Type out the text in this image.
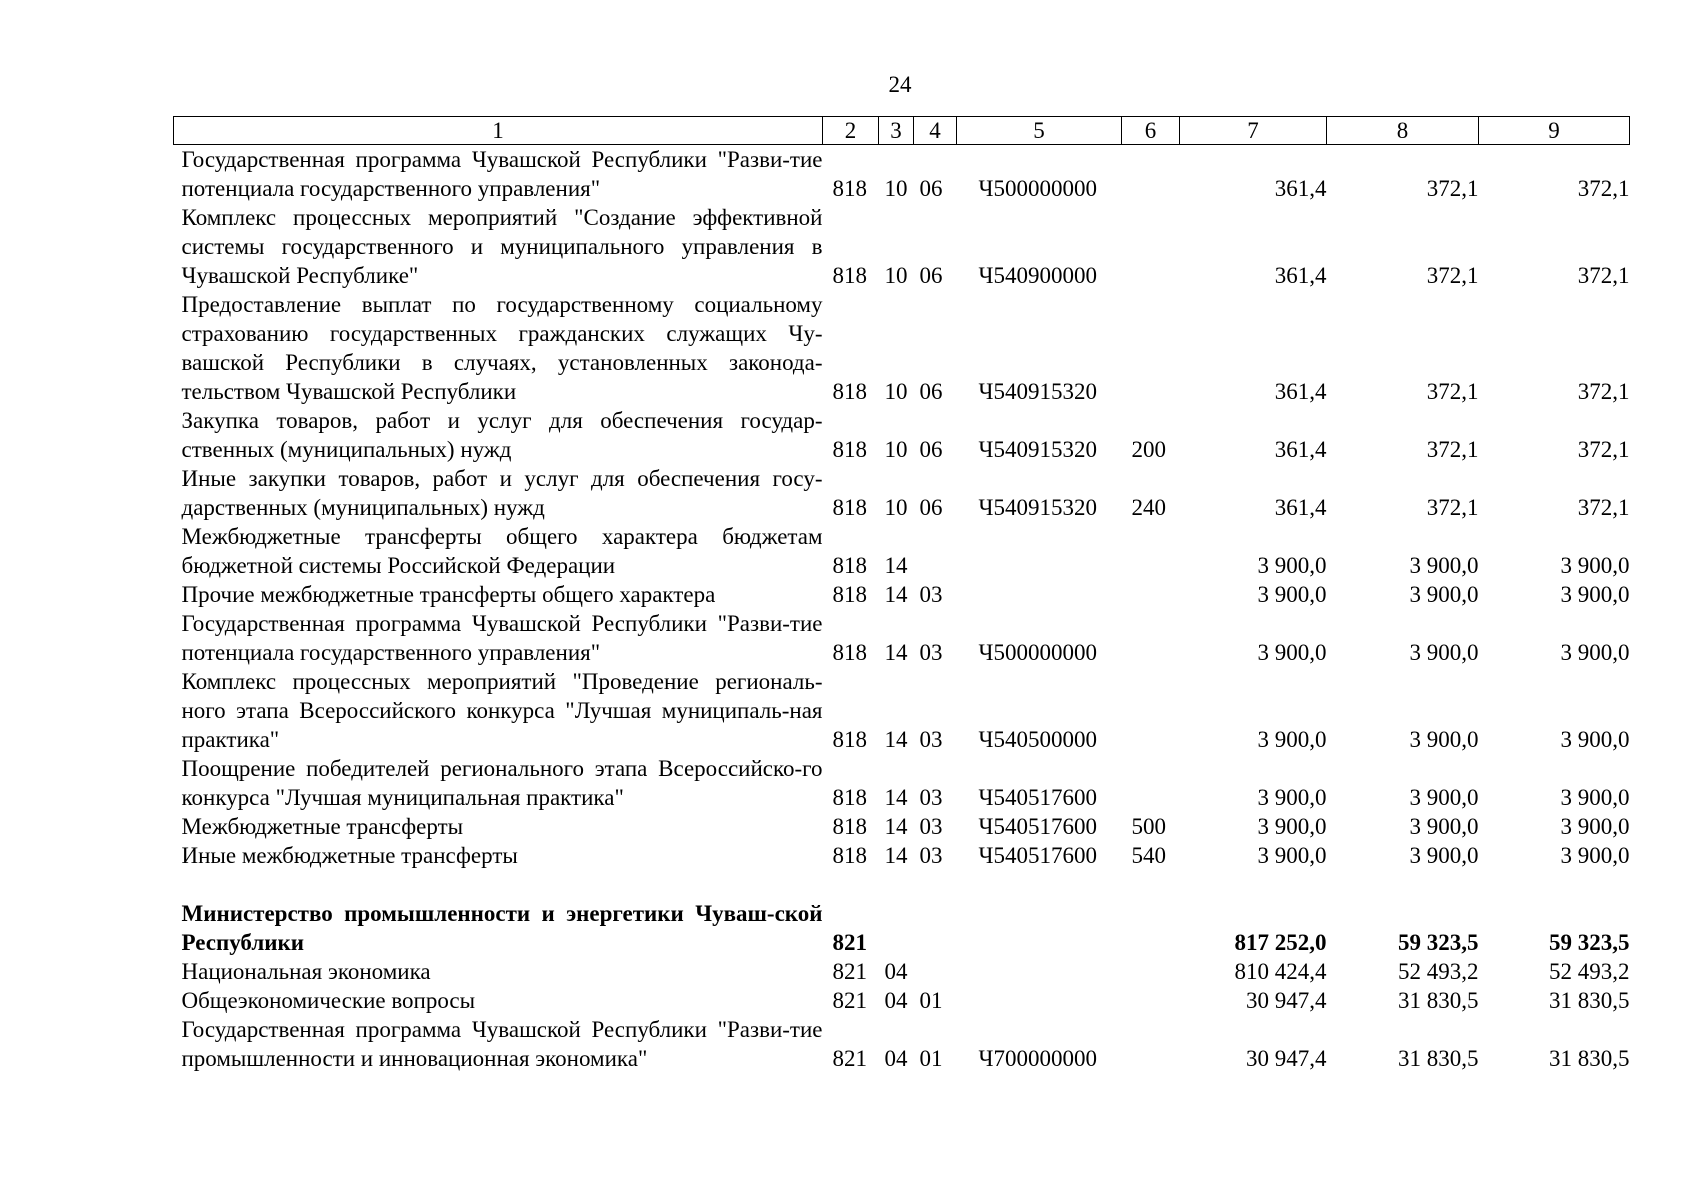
24
1	2	3	4	5	6	7	8	9
Государственная программа Чувашской Республики "Разви-тие потенциала государственного управления"	818	10	06	Ч500000000		361,4	372,1	372,1
Комплекс процессных мероприятий "Создание эффективной системы государственного и муниципального управления в Чувашской Республике"	818	10	06	Ч540900000		361,4	372,1	372,1
Предоставление выплат по государственному социальному страхованию государственных гражданских служащих Чу-вашской Республики в случаях, установленных законода-тельством Чувашской Республики	818	10	06	Ч540915320		361,4	372,1	372,1
Закупка товаров, работ и услуг для обеспечения государ-ственных (муниципальных) нужд	818	10	06	Ч540915320	200	361,4	372,1	372,1
Иные закупки товаров, работ и услуг для обеспечения госу-дарственных (муниципальных) нужд	818	10	06	Ч540915320	240	361,4	372,1	372,1
Межбюджетные трансферты общего характера бюджетам бюджетной системы Российской Федерации	818	14				3 900,0	3 900,0	3 900,0
Прочие межбюджетные трансферты общего характера	818	14	03			3 900,0	3 900,0	3 900,0
Государственная программа Чувашской Республики "Разви-тие потенциала государственного управления"	818	14	03	Ч500000000		3 900,0	3 900,0	3 900,0
Комплекс процессных мероприятий "Проведение региональ-ного этапа Всероссийского конкурса "Лучшая муниципаль-ная практика"	818	14	03	Ч540500000		3 900,0	3 900,0	3 900,0
Поощрение победителей регионального этапа Всероссийско-го конкурса "Лучшая муниципальная практика"	818	14	03	Ч540517600		3 900,0	3 900,0	3 900,0
Межбюджетные трансферты	818	14	03	Ч540517600	500	3 900,0	3 900,0	3 900,0
Иные межбюджетные трансферты	818	14	03	Ч540517600	540	3 900,0	3 900,0	3 900,0

Министерство промышленности и энергетики Чуваш-ской Республики	821					817 252,0	59 323,5	59 323,5
Национальная экономика	821	04				810 424,4	52 493,2	52 493,2
Общеэкономические вопросы	821	04	01			30 947,4	31 830,5	31 830,5
Государственная программа Чувашской Республики "Разви-тие промышленности и инновационная экономика"	821	04	01	Ч700000000		30 947,4	31 830,5	31 830,5
